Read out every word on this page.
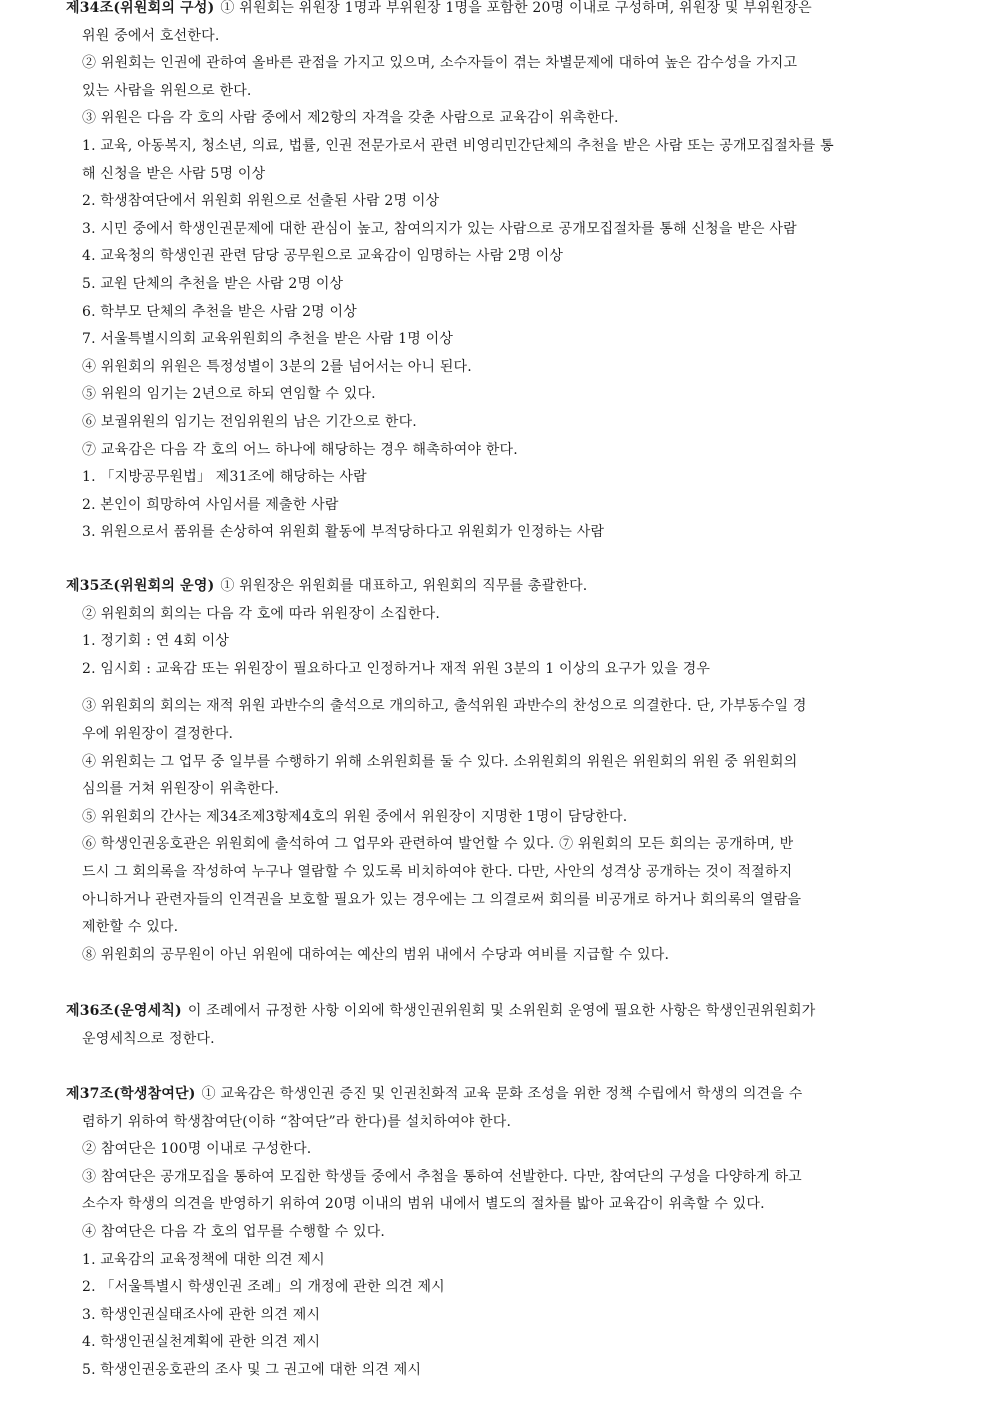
제34조(위원회의 구성) ① 위원회는 위원장 1명과 부위원장 1명을 포함한 20명 이내로 구성하며, 위원장 및 부위원장은
위원 중에서 호선한다.
② 위원회는 인권에 관하여 올바른 관점을 가지고 있으며, 소수자들이 겪는 차별문제에 대하여 높은 감수성을 가지고
있는 사람을 위원으로 한다.
③ 위원은 다음 각 호의 사람 중에서 제2항의 자격을 갖춘 사람으로 교육감이 위촉한다.
1. 교육, 아동복지, 청소년, 의료, 법률, 인권 전문가로서 관련 비영리민간단체의 추천을 받은 사람 또는 공개모집절차를 통
해 신청을 받은 사람 5명 이상
2. 학생참여단에서 위원회 위원으로 선출된 사람 2명 이상
3. 시민 중에서 학생인권문제에 대한 관심이 높고, 참여의지가 있는 사람으로 공개모집절차를 통해 신청을 받은 사람
4. 교육청의 학생인권 관련 담당 공무원으로 교육감이 임명하는 사람 2명 이상
5. 교원 단체의 추천을 받은 사람 2명 이상
6. 학부모 단체의 추천을 받은 사람 2명 이상
7. 서울특별시의회 교육위원회의 추천을 받은 사람 1명 이상
④ 위원회의 위원은 특정성별이 3분의 2를 넘어서는 아니 된다.
⑤ 위원의 임기는 2년으로 하되 연임할 수 있다.
⑥ 보궐위원의 임기는 전임위원의 남은 기간으로 한다.
⑦ 교육감은 다음 각 호의 어느 하나에 해당하는 경우 해촉하여야 한다.
1. 「지방공무원법」 제31조에 해당하는 사람
2. 본인이 희망하여 사임서를 제출한 사람
3. 위원으로서 품위를 손상하여 위원회 활동에 부적당하다고 위원회가 인정하는 사람
제35조(위원회의 운영) ① 위원장은 위원회를 대표하고, 위원회의 직무를 총괄한다.
② 위원회의 회의는 다음 각 호에 따라 위원장이 소집한다.
1. 정기회 : 연 4회 이상
2. 임시회 : 교육감 또는 위원장이 필요하다고 인정하거나 재적 위원 3분의 1 이상의 요구가 있을 경우
③ 위원회의 회의는 재적 위원 과반수의 출석으로 개의하고, 출석위원 과반수의 찬성으로 의결한다. 단, 가부동수일 경
우에 위원장이 결정한다.
④ 위원회는 그 업무 중 일부를 수행하기 위해 소위원회를 둘 수 있다. 소위원회의 위원은 위원회의 위원 중 위원회의
심의를 거쳐 위원장이 위촉한다.
⑤ 위원회의 간사는 제34조제3항제4호의 위원 중에서 위원장이 지명한 1명이 담당한다.
⑥ 학생인권옹호관은 위원회에 출석하여 그 업무와 관련하여 발언할 수 있다. ⑦ 위원회의 모든 회의는 공개하며, 반
드시 그 회의록을 작성하여 누구나 열람할 수 있도록 비치하여야 한다. 다만, 사안의 성격상 공개하는 것이 적절하지
아니하거나 관련자들의 인격권을 보호할 필요가 있는 경우에는 그 의결로써 회의를 비공개로 하거나 회의록의 열람을
제한할 수 있다.
⑧ 위원회의 공무원이 아닌 위원에 대하여는 예산의 범위 내에서 수당과 여비를 지급할 수 있다.
제36조(운영세칙) 이 조례에서 규정한 사항 이외에 학생인권위원회 및 소위원회 운영에 필요한 사항은 학생인권위원회가
운영세칙으로 정한다.
제37조(학생참여단) ① 교육감은 학생인권 증진 및 인권친화적 교육 문화 조성을 위한 정책 수립에서 학생의 의견을 수
렴하기 위하여 학생참여단(이하 “참여단”라 한다)를 설치하여야 한다.
② 참여단은 100명 이내로 구성한다.
③ 참여단은 공개모집을 통하여 모집한 학생들 중에서 추첨을 통하여 선발한다. 다만, 참여단의 구성을 다양하게 하고
소수자 학생의 의견을 반영하기 위하여 20명 이내의 범위 내에서 별도의 절차를 밟아 교육감이 위촉할 수 있다.
④ 참여단은 다음 각 호의 업무를 수행할 수 있다.
1. 교육감의 교육정책에 대한 의견 제시
2. 「서울특별시 학생인권 조례」의 개정에 관한 의견 제시
3. 학생인권실태조사에 관한 의견 제시
4. 학생인권실천계획에 관한 의견 제시
5. 학생인권옹호관의 조사 및 그 권고에 대한 의견 제시
